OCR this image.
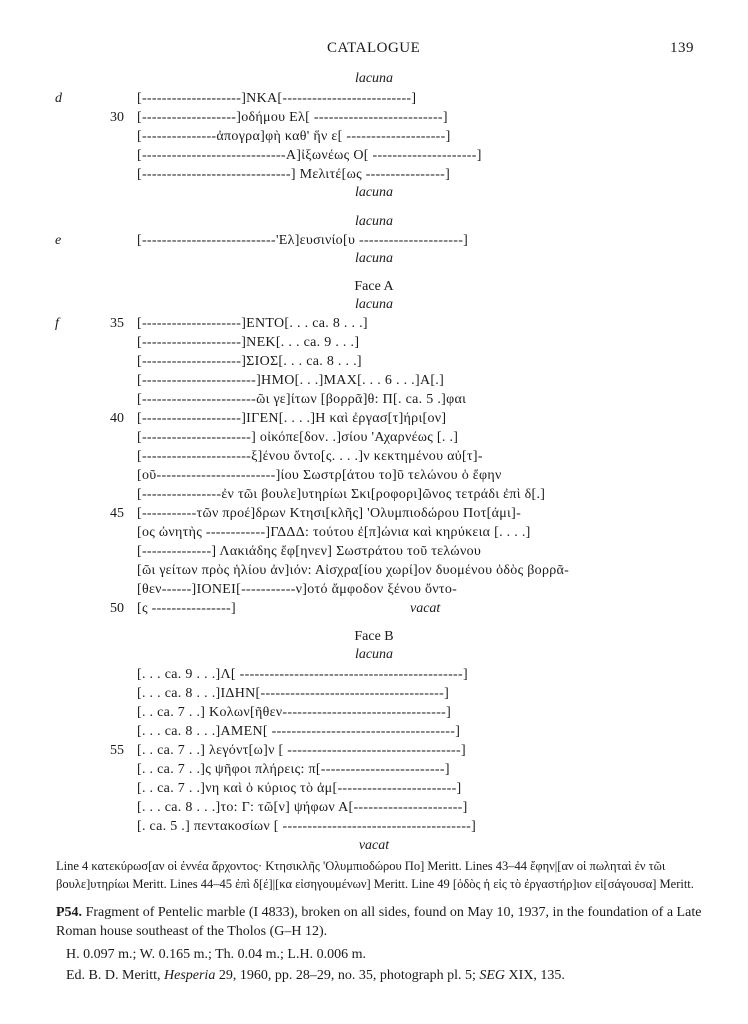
CATALOGUE	139
lacuna
d	[--------------------]NKA[--------------------------]
30 [-------------------]οδήμου Ελ[ --------------------------]
[---------------ἀπογρα]φὴ καθ' ἥν ε[ --------------------]
[-----------------------------A]ἰξωνέως Ο[ ---------------------]
[------------------------------] Μελιτέ[ως ----------------]
lacuna
lacuna
e	[---------------------------'Ελ]ευσινίο[υ ---------------------]
lacuna
Face A
lacuna
f	35 [--------------------]ENTO[. . . ca. 8 . . .]
[--------------------]NEK[. . . ca. 9 . . .]
[--------------------]ΣΙΟΣ[. . . ca. 8 . . .]
[-----------------------]HMO[. . .]MAX[. . . 6 . . .]A[.]
[-----------------------ῶι γε]ίτων [βορρᾶ]θ: Π[. ca. 5 .]φαι
40 [--------------------]IΓEN[. . . .]H καὶ ἐργασ[τ]ήρι[ον]
[----------------------] οἰκόπε[δον. .]σίου 'Αχαρνέως [. .]
[----------------------ξ]ένου ὄντο[ς. . . .]ν κεκτημένου αὐ[τ]-
[οῦ------------------------]ίου Σωστρ[άτου το]ῦ τελώνου ὁ ἔφην
[----------------ἐν τῶι βουλε]υτηρίωι Σκι[ροφορι]ῶνος τετράδι ἐπὶ δ[.]
45 [-----------τῶν προέ]δρων Κτησι[κλῆς] 'Ολυμπιοδώρου Ποτ[άμι]-
[ος ὠνητὴς ------------]ΓΔΔΔ: τούτου ἐ[π]ώνια καὶ κηρύκεια [. . . .]
[--------------] Λακιάδης ἔφ[ηνεν] Σωστράτου τοῦ τελώνου
[ῶι γείτων πρὸς ἡλίου ἀν]ιόν: Αἰσχρα[ίου χωρί]ον δυομένου ὁδὸς βορρᾶ-
[θεν------]IONEI[-----------ν]οτό ἄμφοδον ξένου ὄντο-
50 [ς ----------------]	vacat
Face B
lacuna
[. . . ca. 9 . . .]Λ[ ---------------------------------------------]
[. . . ca. 8 . . .]IΔHN[-------------------------------------]
[. . ca. 7 . .] Κολων[ῆθεν---------------------------------]
[. . . ca. 8 . . .]AMEN[ -------------------------------------]
55 [. . ca. 7 . .] λεγόντ[ω]ν [ -----------------------------------]
[. . ca. 7 . .]ς ψῆφοι πλήρεις: π[-------------------------]
[. . ca. 7 . .]νη καὶ ὁ κύριος τὸ ἀμ[------------------------]
[. . . ca. 8 . . .]το: Γ: τῶ[ν] ψήφων Α[----------------------]
[. ca. 5 .] πεντακοσίων [ --------------------------------------]
vacat
Line 4 κατεκύρωσ[αν οἱ ἐννέα ἄρχοντος· Κτησικλῆς 'Ολυμπιοδώρου Πο] Meritt. Lines 43–44 ἔφην|[αν οἱ πωληταὶ ἐν τῶι βουλε]υτηρίωι Meritt. Lines 44–45 ἐπὶ δ[έ]|[κα εἰσηγουμένων] Meritt. Line 49 [ὁδὸς ἡ εἰς τὸ ἐργαστήρ]ιον εἰ[σάγουσα] Meritt.
P54. Fragment of Pentelic marble (I 4833), broken on all sides, found on May 10, 1937, in the foundation of a Late Roman house southeast of the Tholos (G–H 12).
H. 0.097 m.; W. 0.165 m.; Th. 0.04 m.; L.H. 0.006 m.
Ed. B. D. Meritt, Hesperia 29, 1960, pp. 28–29, no. 35, photograph pl. 5; SEG XIX, 135.
